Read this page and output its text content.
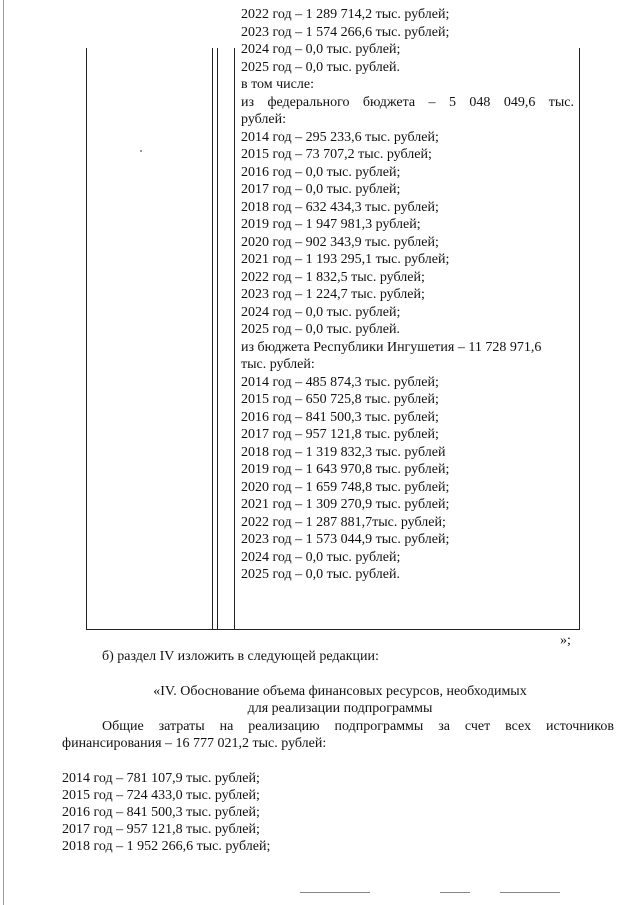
2022 год – 1 289 714,2 тыс. рублей;
2023 год – 1 574 266,6 тыс. рублей;
2024 год – 0,0 тыс. рублей;
2025 год – 0,0 тыс. рублей.
в том числе:
из федерального бюджета – 5 048 049,6 тыс.
рублей:
2014 год – 295 233,6 тыс. рублей;
2015 год – 73 707,2 тыс. рублей;
2016 год – 0,0 тыс. рублей;
2017 год – 0,0 тыс. рублей;
2018 год – 632 434,3 тыс. рублей;
2019 год – 1 947 981,3 рублей;
2020 год – 902 343,9 тыс. рублей;
2021 год – 1 193 295,1 тыс. рублей;
2022 год – 1 832,5 тыс. рублей;
2023 год – 1 224,7 тыс. рублей;
2024 год – 0,0 тыс. рублей;
2025 год – 0,0 тыс. рублей.
из бюджета Республики Ингушетия – 11 728 971,6
тыс. рублей:
2014 год – 485 874,3 тыс. рублей;
2015 год – 650 725,8 тыс. рублей;
2016 год – 841 500,3 тыс. рублей;
2017 год – 957 121,8 тыс. рублей;
2018 год – 1 319 832,3 тыс. рублей
2019 год – 1 643 970,8 тыс. рублей;
2020 год – 1 659 748,8 тыс. рублей;
2021 год – 1 309 270,9 тыс. рублей;
2022 год – 1 287 881,7тыс. рублей;
2023 год – 1 573 044,9 тыс. рублей;
2024 год – 0,0 тыс. рублей;
2025 год – 0,0 тыс. рублей.
»;
б) раздел IV изложить в следующей редакции:
«IV. Обоснование объема финансовых ресурсов, необходимых
для реализации подпрограммы
Общие затраты на реализацию подпрограммы за счет всех источников
финансирования – 16 777 021,2 тыс. рублей:
2014 год – 781 107,9 тыс. рублей;
2015 год – 724 433,0 тыс. рублей;
2016 год – 841 500,3 тыс. рублей;
2017 год – 957 121,8 тыс. рублей;
2018 год – 1 952 266,6 тыс. рублей;
